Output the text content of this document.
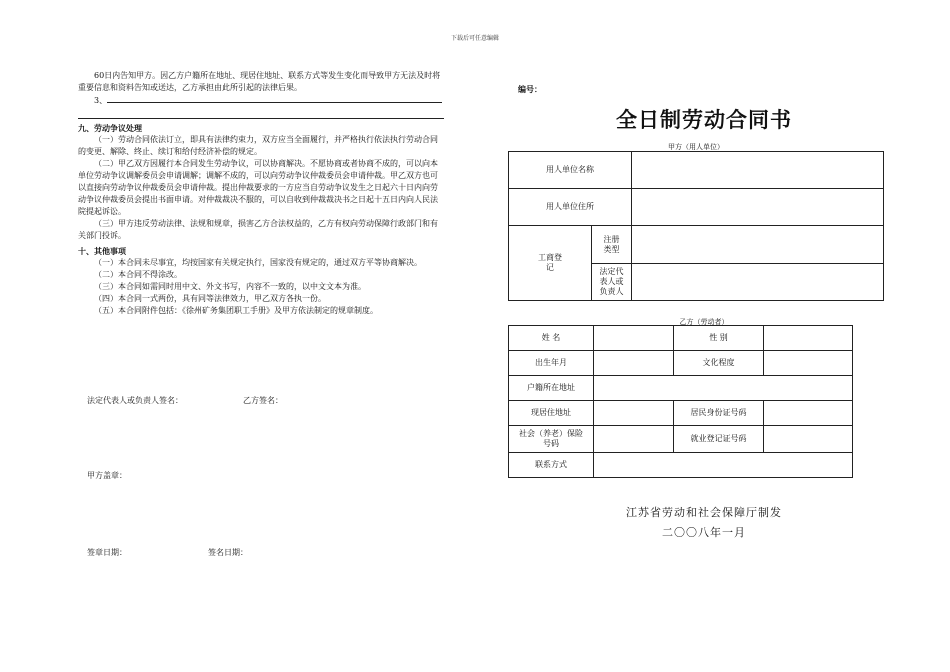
下载后可任意编辑

60日内告知甲方。因乙方户籍所在地址、现居住地址、联系方式等发生变化而导致甲方无法及时将重要信息和资料告知或送达，乙方承担由此所引起的法律后果。

3、

九、劳动争议处理

（一）劳动合同依法订立，即具有法律约束力，双方应当全面履行，并严格执行依法执行劳动合同的变更、解除、终止、续订和给付经济补偿的规定。

（二）甲乙双方因履行本合同发生劳动争议，可以协商解决。不愿协商或者协商不成的，可以向本单位劳动争议调解委员会申请调解；调解不成的，可以向劳动争议仲裁委员会申请仲裁。甲乙双方也可以直接向劳动争议仲裁委员会申请仲裁。提出仲裁要求的一方应当自劳动争议发生之日起六十日内向劳动争议仲裁委员会提出书面申请。对仲裁裁决不服的，可以自收到仲裁裁决书之日起十五日内向人民法院提起诉讼。

（三）甲方违反劳动法律、法规和规章，损害乙方合法权益的，乙方有权向劳动保障行政部门和有关部门投诉。

十、其他事项

（一）本合同未尽事宜，均按国家有关规定执行，国家没有规定的，通过双方平等协商解决。

（二）本合同不得涂改。

（三）本合同如需同时用中文、外文书写，内容不一致的，以中文文本为准。

（四）本合同一式两份，具有同等法律效力，甲乙双方各执一份。

（五）本合同附件包括：《徐州矿务集团职工手册》及甲方依法制定的规章制度。

法定代表人或负责人签名：	乙方签名：
甲方盖章：
签章日期：	签名日期：
编号：
全日制劳动合同书
甲方（用人单位）
用人单位名称		
用人单位住所		

工商登记	注册类型	

	法定代表人或负责人	

乙方（劳动者）
姓 名		性 别	
出生年月		文化程度	
户籍所在地址			
现居住地址		居民身份证号码	

社会（养老）保险号码		就业登记证号码	
联系方式			
江苏省劳动和社会保障厅制发
二〇〇八年一月
